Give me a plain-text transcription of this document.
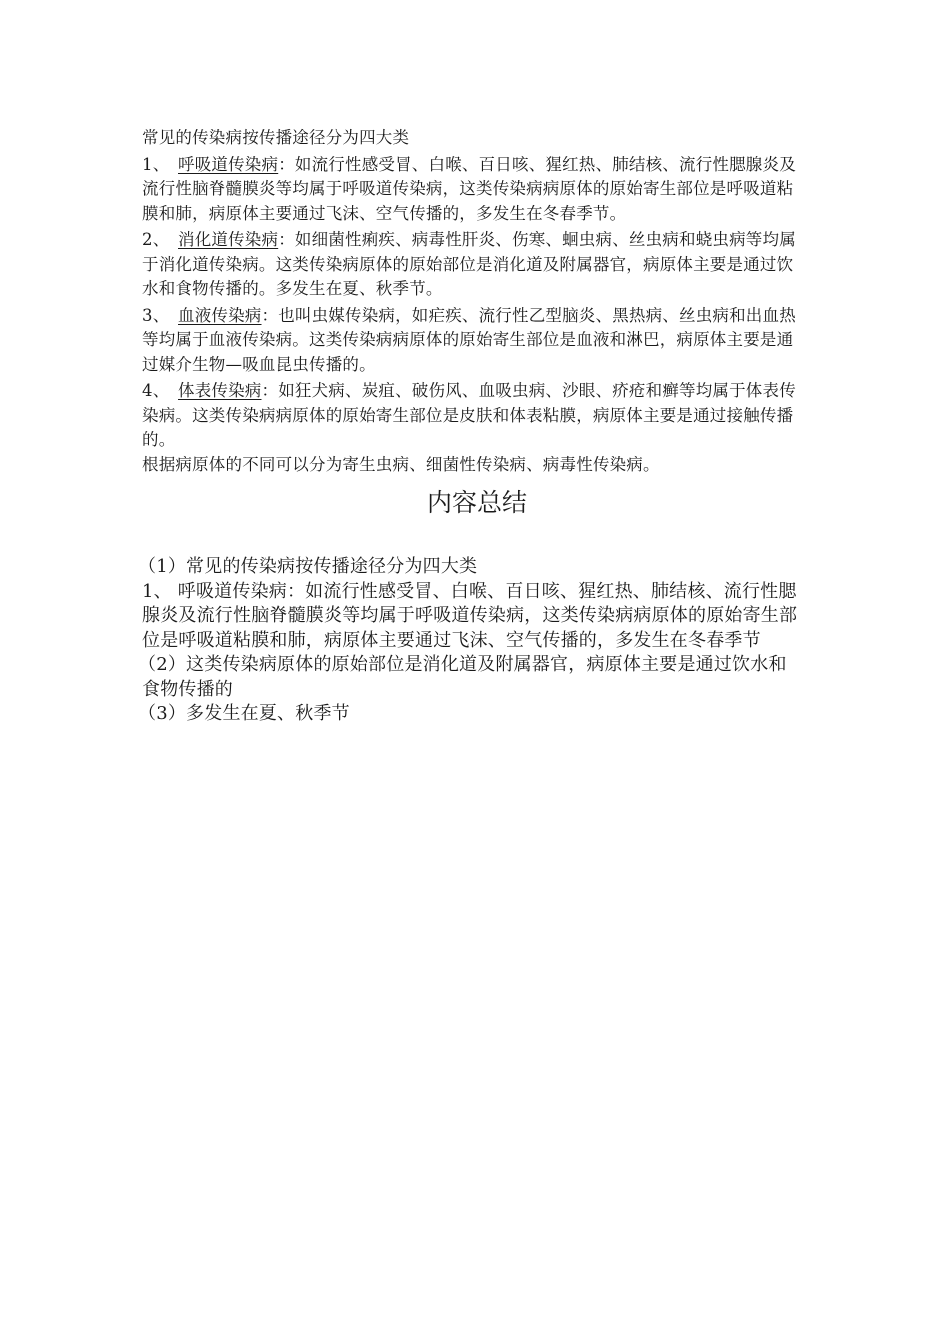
常见的传染病按传播途径分为四大类

1、 呼吸道传染病：如流行性感受冒、白喉、百日咳、猩红热、肺结核、流行性腮腺炎及流行性脑脊髓膜炎等均属于呼吸道传染病，这类传染病病原体的原始寄生部位是呼吸道粘膜和肺，病原体主要通过飞沫、空气传播的，多发生在冬春季节。

2、 消化道传染病：如细菌性痢疾、病毒性肝炎、伤寒、蛔虫病、丝虫病和蛲虫病等均属于消化道传染病。这类传染病原体的原始部位是消化道及附属器官，病原体主要是通过饮水和食物传播的。多发生在夏、秋季节。

3、 血液传染病：也叫虫媒传染病，如疟疾、流行性乙型脑炎、黑热病、丝虫病和出血热等均属于血液传染病。这类传染病病原体的原始寄生部位是血液和淋巴，病原体主要是通过媒介生物—吸血昆虫传播的。

4、 体表传染病：如狂犬病、炭疽、破伤风、血吸虫病、沙眼、疥疮和癣等均属于体表传染病。这类传染病病原体的原始寄生部位是皮肤和体表粘膜，病原体主要是通过接触传播的。

根据病原体的不同可以分为寄生虫病、细菌性传染病、病毒性传染病。

内容总结

（1）常见的传染病按传播途径分为四大类

1、 呼吸道传染病：如流行性感受冒、白喉、百日咳、猩红热、肺结核、流行性腮腺炎及流行性脑脊髓膜炎等均属于呼吸道传染病，这类传染病病原体的原始寄生部位是呼吸道粘膜和肺，病原体主要通过飞沫、空气传播的，多发生在冬春季节

（2）这类传染病原体的原始部位是消化道及附属器官，病原体主要是通过饮水和食物传播的

（3）多发生在夏、秋季节
